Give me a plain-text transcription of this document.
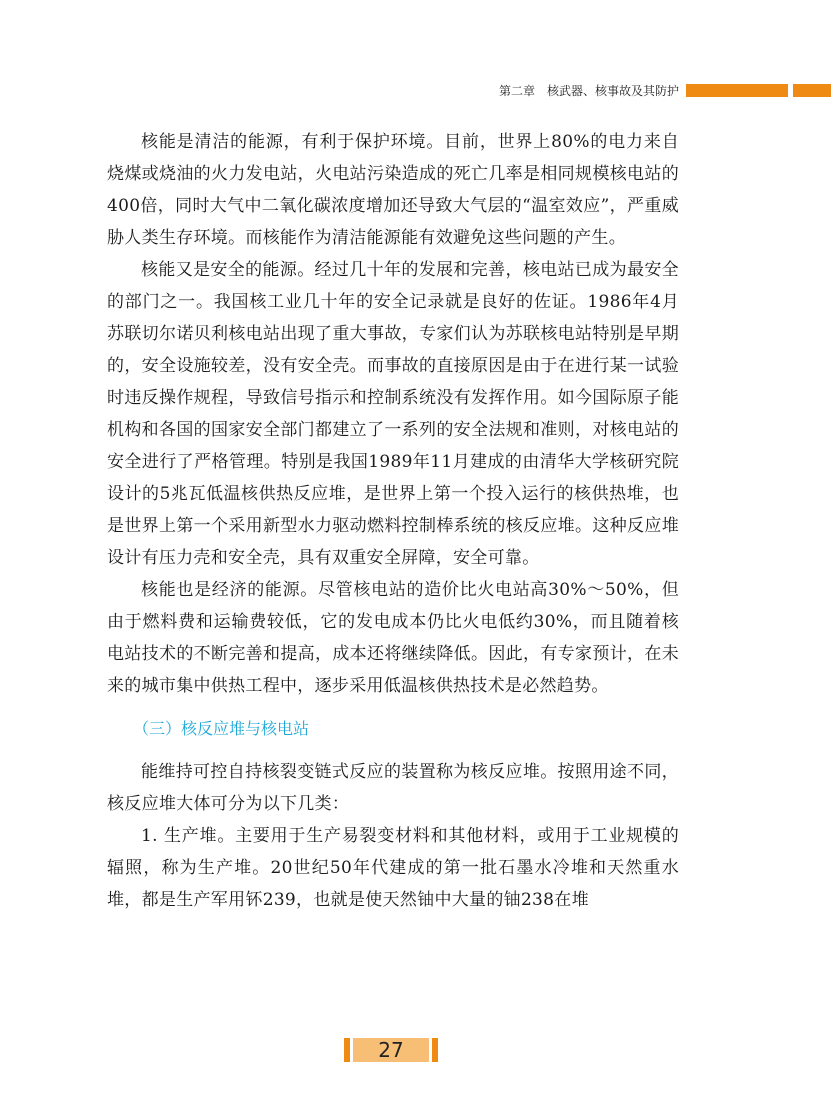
第二章　核武器、核事故及其防护

核能是清洁的能源，有利于保护环境。目前，世界上80%的电力来自烧煤或烧油的火力发电站，火电站污染造成的死亡几率是相同规模核电站的400倍，同时大气中二氧化碳浓度增加还导致大气层的“温室效应”，严重威胁人类生存环境。而核能作为清洁能源能有效避免这些问题的产生。

核能又是安全的能源。经过几十年的发展和完善，核电站已成为最安全的部门之一。我国核工业几十年的安全记录就是良好的佐证。1986年4月苏联切尔诺贝利核电站出现了重大事故，专家们认为苏联核电站特别是早期的，安全设施较差，没有安全壳。而事故的直接原因是由于在进行某一试验时违反操作规程，导致信号指示和控制系统没有发挥作用。如今国际原子能机构和各国的国家安全部门都建立了一系列的安全法规和准则，对核电站的安全进行了严格管理。特别是我国1989年11月建成的由清华大学核研究院设计的5兆瓦低温核供热反应堆，是世界上第一个投入运行的核供热堆，也是世界上第一个采用新型水力驱动燃料控制棒系统的核反应堆。这种反应堆设计有压力壳和安全壳，具有双重安全屏障，安全可靠。

核能也是经济的能源。尽管核电站的造价比火电站高30%～50%，但由于燃料费和运输费较低，它的发电成本仍比火电低约30%，而且随着核电站技术的不断完善和提高，成本还将继续降低。因此，有专家预计，在未来的城市集中供热工程中，逐步采用低温核供热技术是必然趋势。

（三）核反应堆与核电站

能维持可控自持核裂变链式反应的装置称为核反应堆。按照用途不同，核反应堆大体可分为以下几类：

1. 生产堆。主要用于生产易裂变材料和其他材料，或用于工业规模的辐照，称为生产堆。20世纪50年代建成的第一批石墨水冷堆和天然重水堆，都是生产军用钚239，也就是使天然铀中大量的铀238在堆

27
